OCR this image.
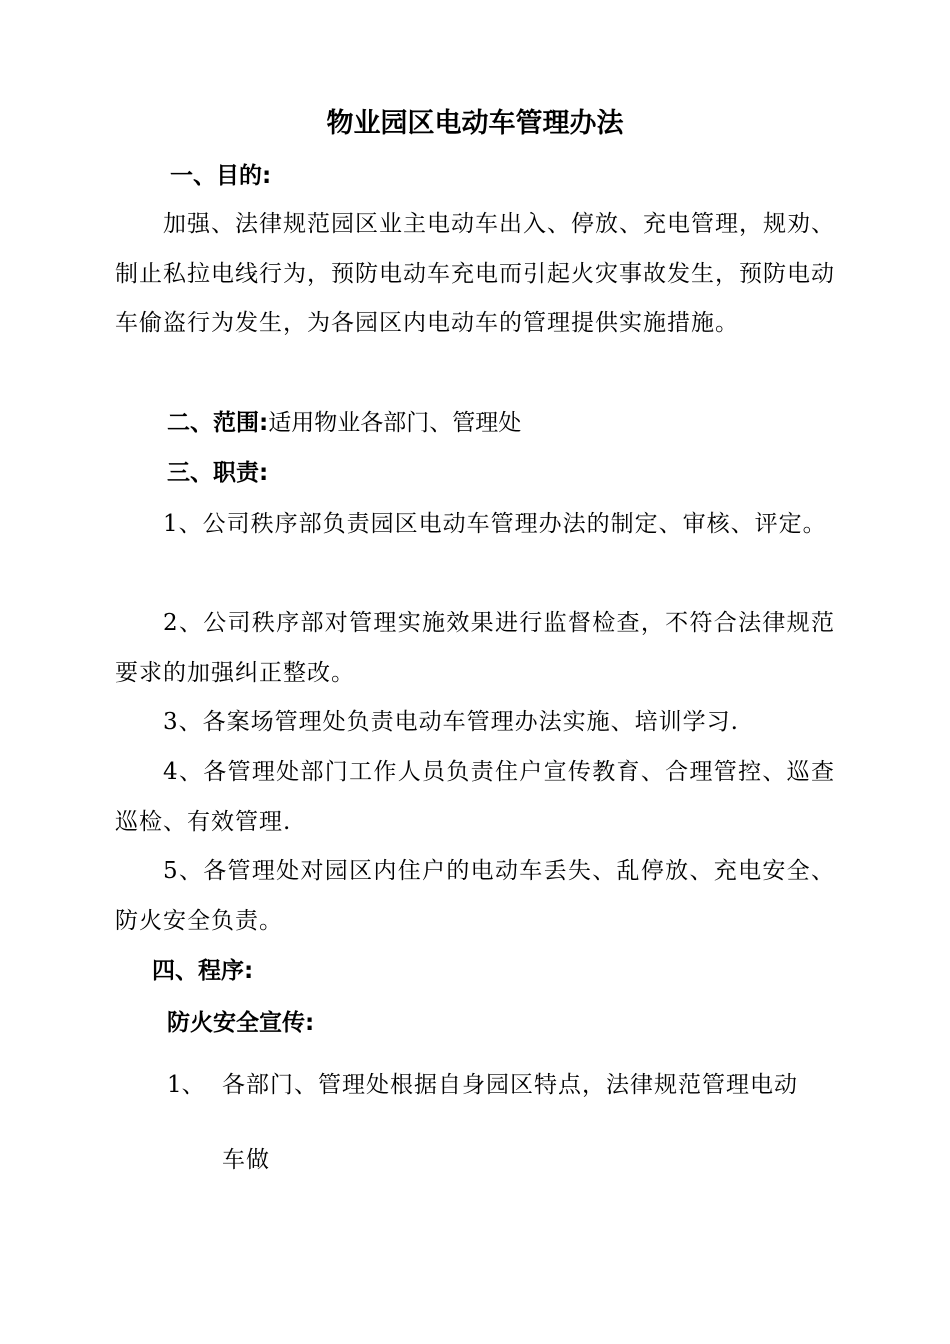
物业园区电动车管理办法
一、目的:
加强、法律规范园区业主电动车出入、停放、充电管理，规劝、制止私拉电线行为，预防电动车充电而引起火灾事故发生，预防电动车偷盗行为发生，为各园区内电动车的管理提供实施措施。
二、范围:适用物业各部门、管理处
三、职责:
1、公司秩序部负责园区电动车管理办法的制定、审核、评定。
2、公司秩序部对管理实施效果进行监督检查，不符合法律规范要求的加强纠正整改。
3、各案场管理处负责电动车管理办法实施、培训学习.
4、各管理处部门工作人员负责住户宣传教育、合理管控、巡查巡检、有效管理.
5、各管理处对园区内住户的电动车丢失、乱停放、充电安全、防火安全负责。
四、程序:
防火安全宣传:
1、 各部门、管理处根据自身园区特点，法律规范管理电动
车做
